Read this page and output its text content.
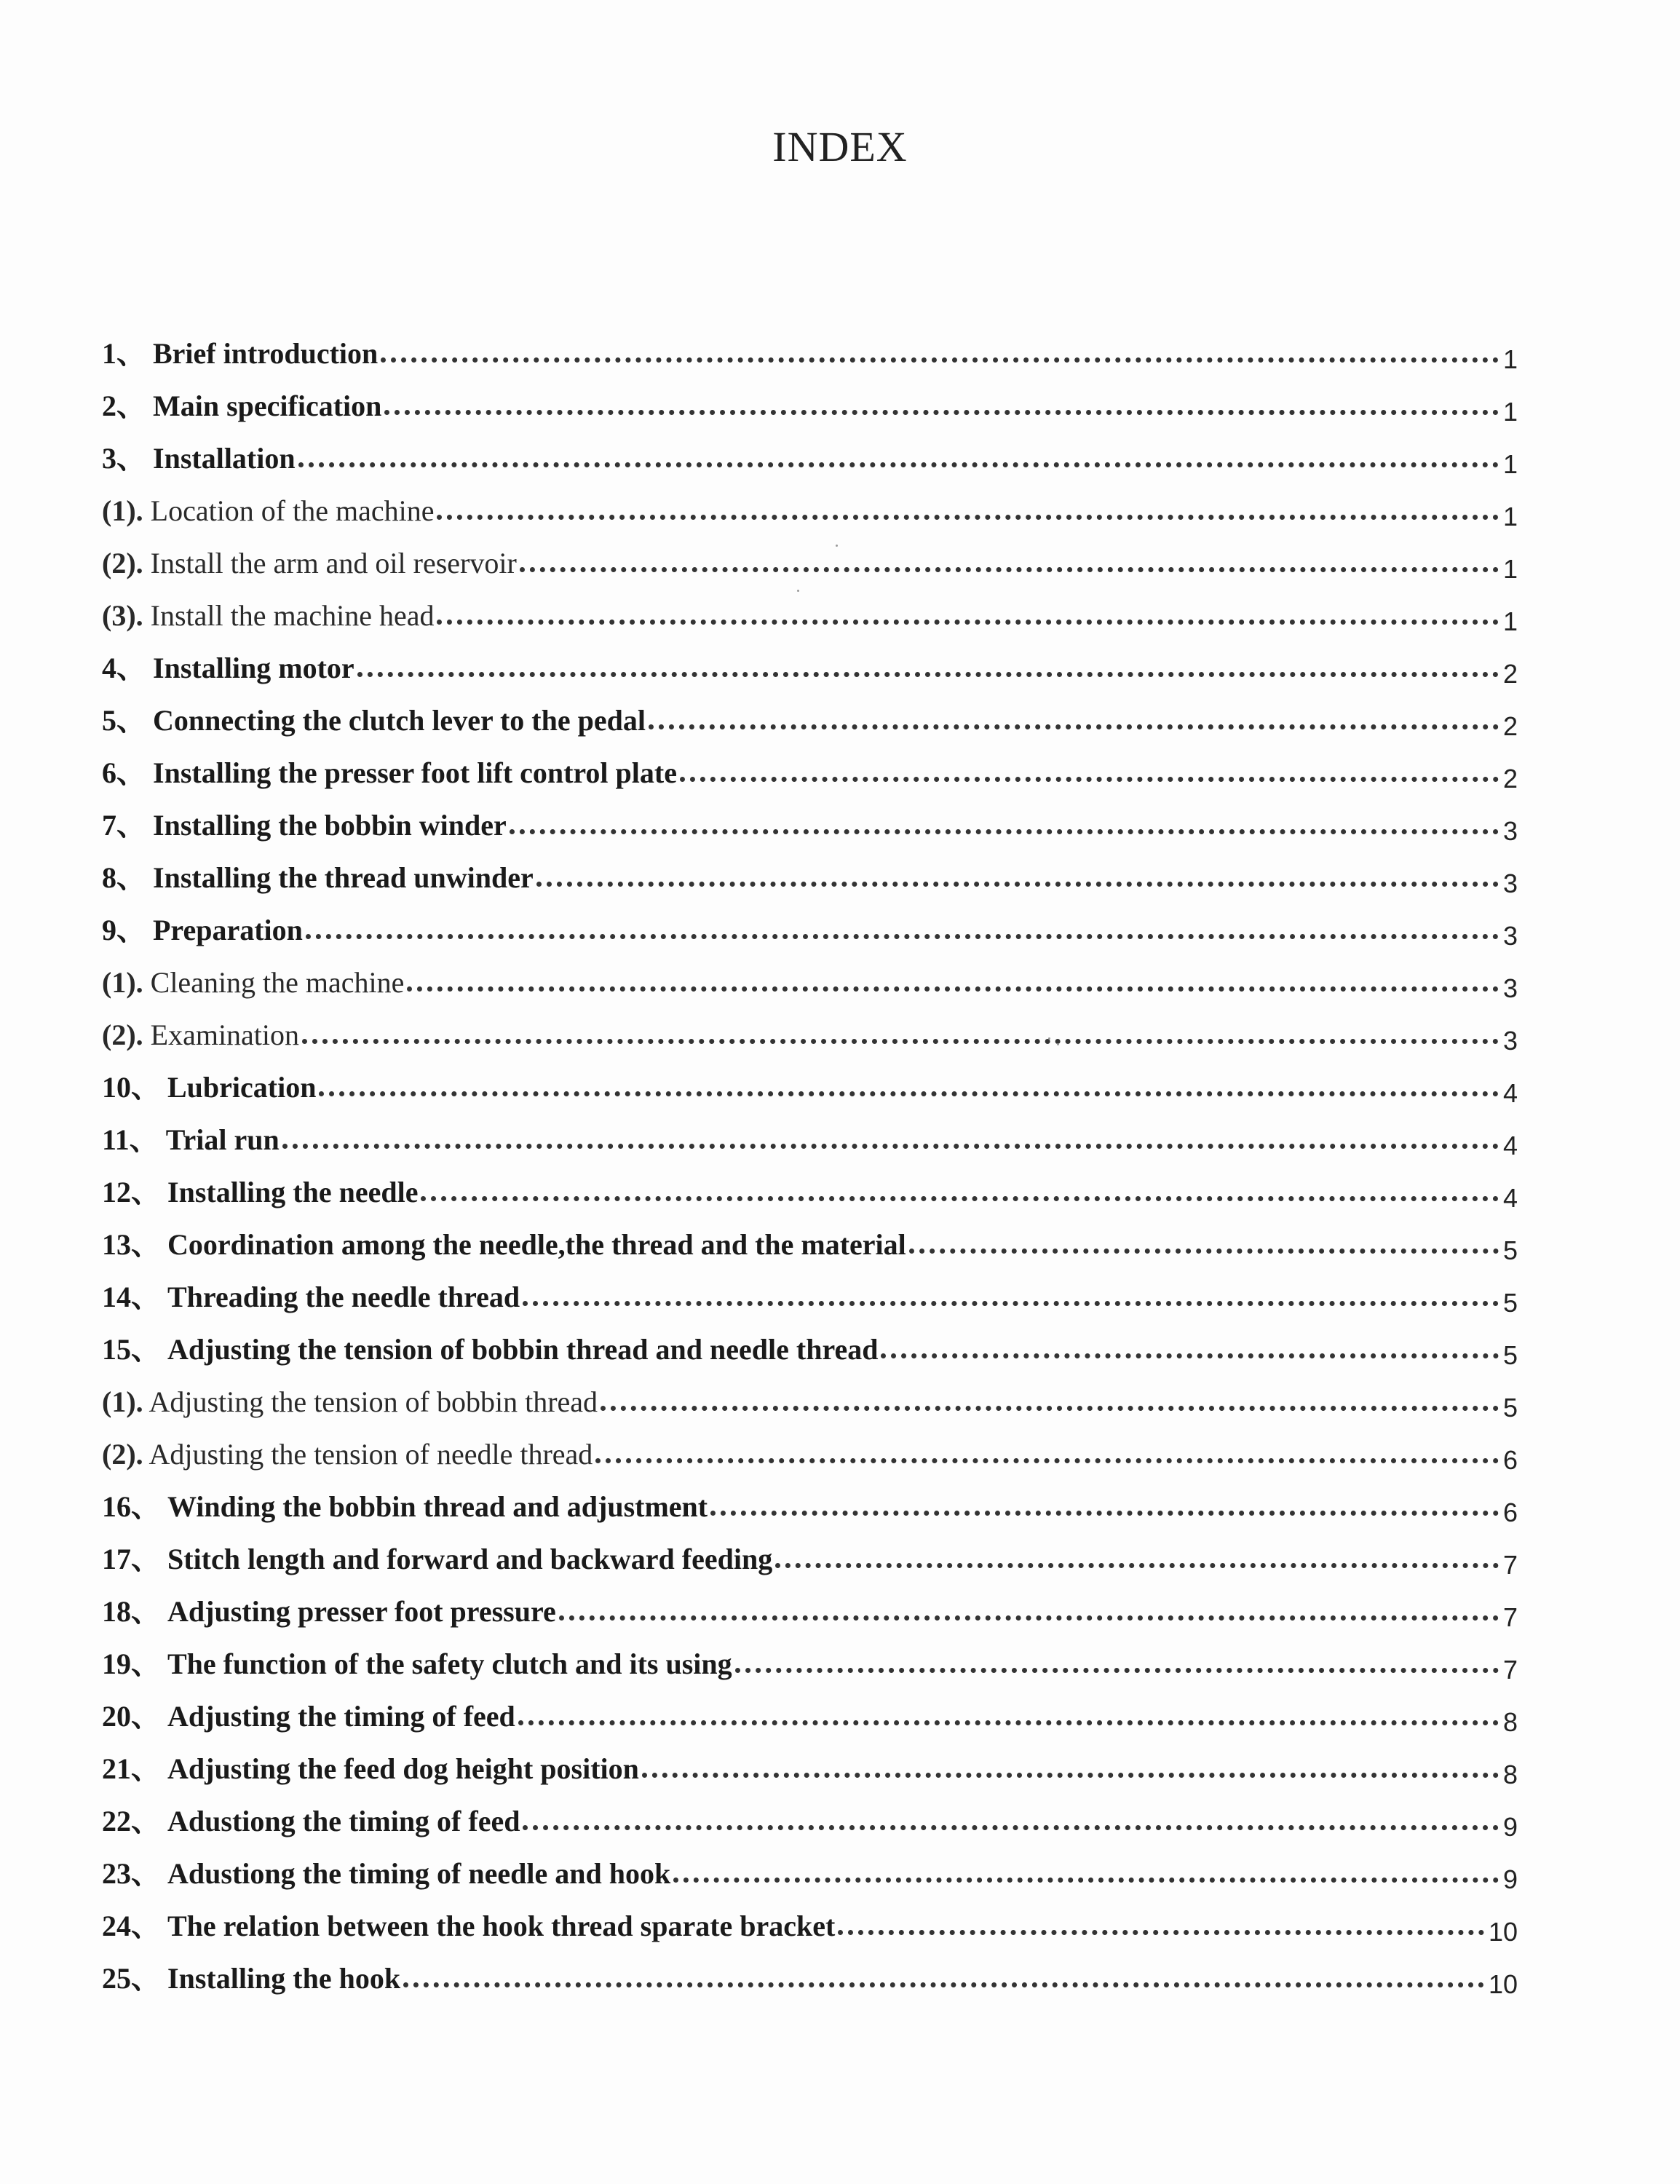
INDEX
1、 Brief introduction	1
2、 Main specification	1
3、 Installation	1
(1). Location of the machine	1
(2). Install the arm and oil reservoir	1
(3). Install the machine head	1
4、 Installing motor	2
5、 Connecting the clutch lever to the pedal	2
6、 Installing the presser foot lift control plate	2
7、 Installing the bobbin winder	3
8、 Installing the thread unwinder	3
9、 Preparation	3
(1). Cleaning the machine	3
(2). Examination	3
10、 Lubrication	4
11、 Trial run	4
12、 Installing the needle	4
13、 Coordination among the needle,the thread and the material	5
14、 Threading the needle thread	5
15、 Adjusting the tension of bobbin thread and needle thread	5
(1). Adjusting the tension of bobbin thread	5
(2). Adjusting the tension of needle thread	6
16、 Winding the bobbin thread and adjustment	6
17、 Stitch length and forward and backward feeding	7
18、 Adjusting presser foot pressure	7
19、 The function of the safety clutch and its using	7
20、 Adjusting the timing of feed	8
21、 Adjusting the feed dog height position	8
22、 Adustiong the timing of feed	9
23、 Adustiong the timing of needle and hook	9
24、 The relation between the hook thread sparate bracket	10
25、 Installing the hook	10
